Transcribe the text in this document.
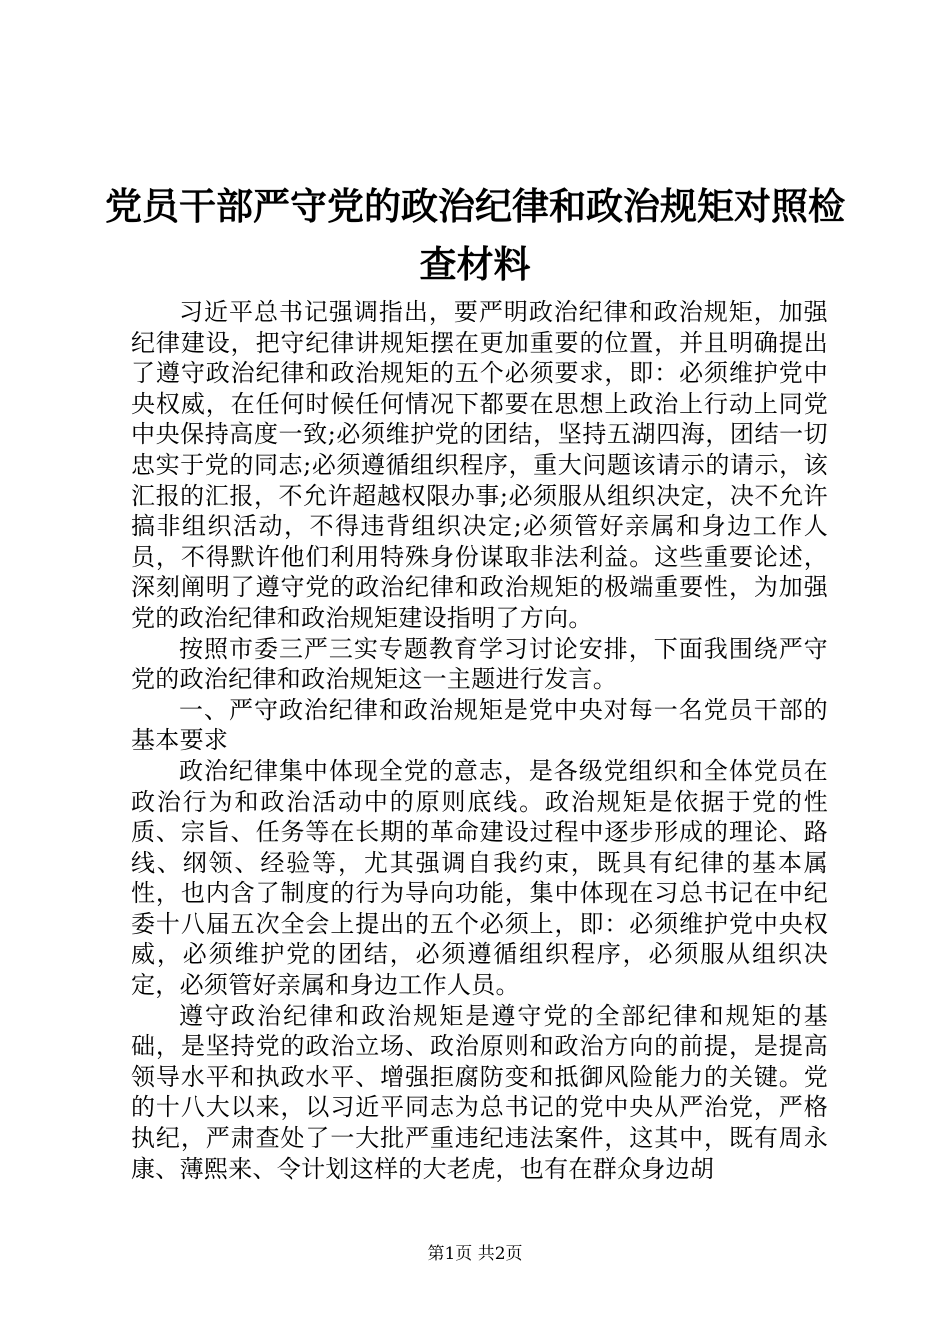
党员干部严守党的政治纪律和政治规矩对照检查材料

习近平总书记强调指出，要严明政治纪律和政治规矩，加强纪律建设，把守纪律讲规矩摆在更加重要的位置，并且明确提出了遵守政治纪律和政治规矩的五个必须要求，即：必须维护党中央权威，在任何时候任何情况下都要在思想上政治上行动上同党中央保持高度一致;必须维护党的团结，坚持五湖四海，团结一切忠实于党的同志;必须遵循组织程序，重大问题该请示的请示，该汇报的汇报，不允许超越权限办事;必须服从组织决定，决不允许搞非组织活动，不得违背组织决定;必须管好亲属和身边工作人员，不得默许他们利用特殊身份谋取非法利益。这些重要论述，深刻阐明了遵守党的政治纪律和政治规矩的极端重要性，为加强党的政治纪律和政治规矩建设指明了方向。

按照市委三严三实专题教育学习讨论安排，下面我围绕严守党的政治纪律和政治规矩这一主题进行发言。

一、严守政治纪律和政治规矩是党中央对每一名党员干部的基本要求

政治纪律集中体现全党的意志，是各级党组织和全体党员在政治行为和政治活动中的原则底线。政治规矩是依据于党的性质、宗旨、任务等在长期的革命建设过程中逐步形成的理论、路线、纲领、经验等，尤其强调自我约束，既具有纪律的基本属性，也内含了制度的行为导向功能，集中体现在习总书记在中纪委十八届五次全会上提出的五个必须上，即：必须维护党中央权威，必须维护党的团结，必须遵循组织程序，必须服从组织决定，必须管好亲属和身边工作人员。

遵守政治纪律和政治规矩是遵守党的全部纪律和规矩的基础，是坚持党的政治立场、政治原则和政治方向的前提，是提高领导水平和执政水平、增强拒腐防变和抵御风险能力的关键。党的十八大以来，以习近平同志为总书记的党中央从严治党，严格执纪，严肃查处了一大批严重违纪违法案件，这其中，既有周永康、薄熙来、令计划这样的大老虎，也有在群众身边胡

第1页 共2页
